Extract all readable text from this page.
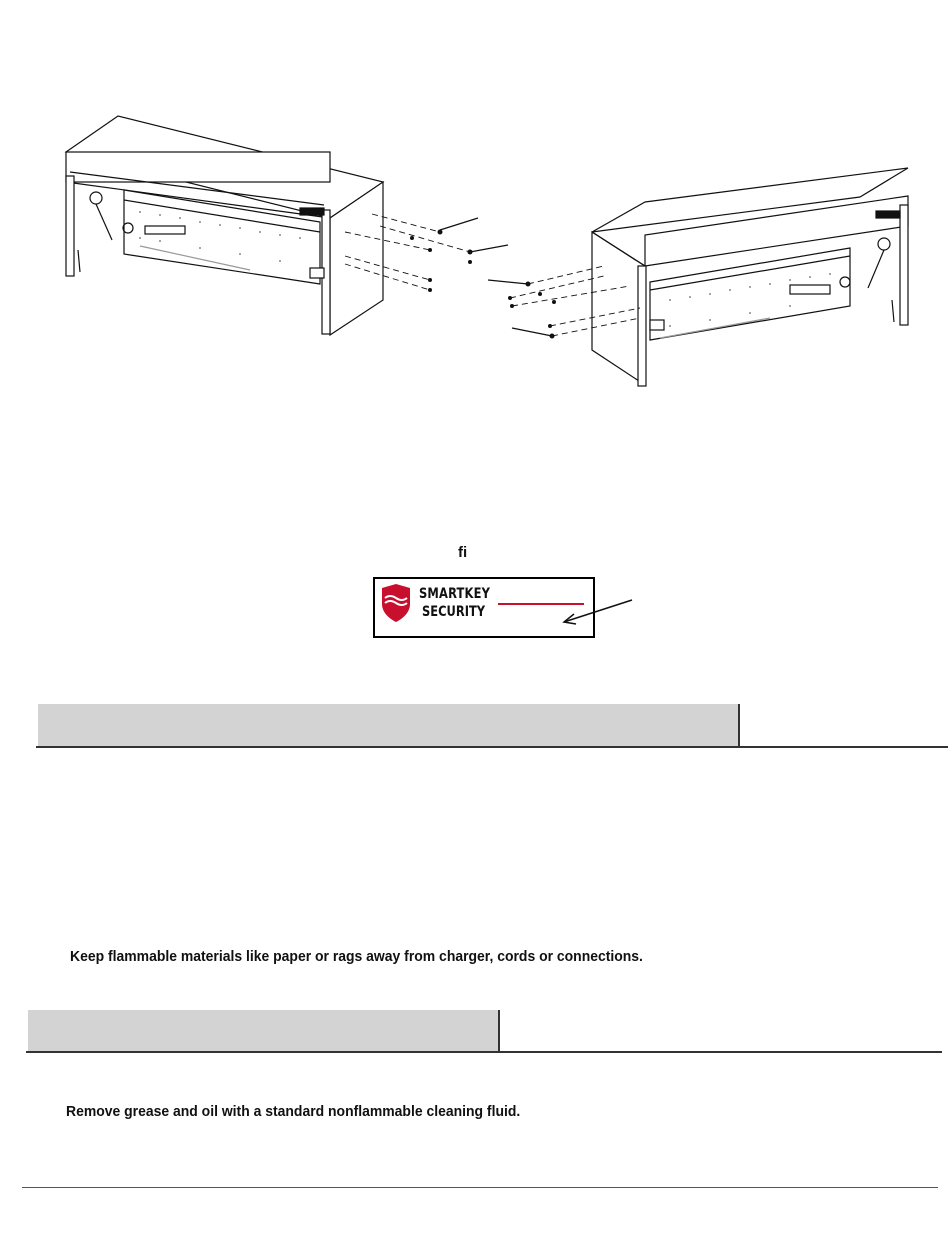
fi
SMARTKEY
SECURITY
Keep flammable materials like paper or rags away from charger, cords or connections.
Remove grease and oil with a standard nonflammable cleaning fluid.
